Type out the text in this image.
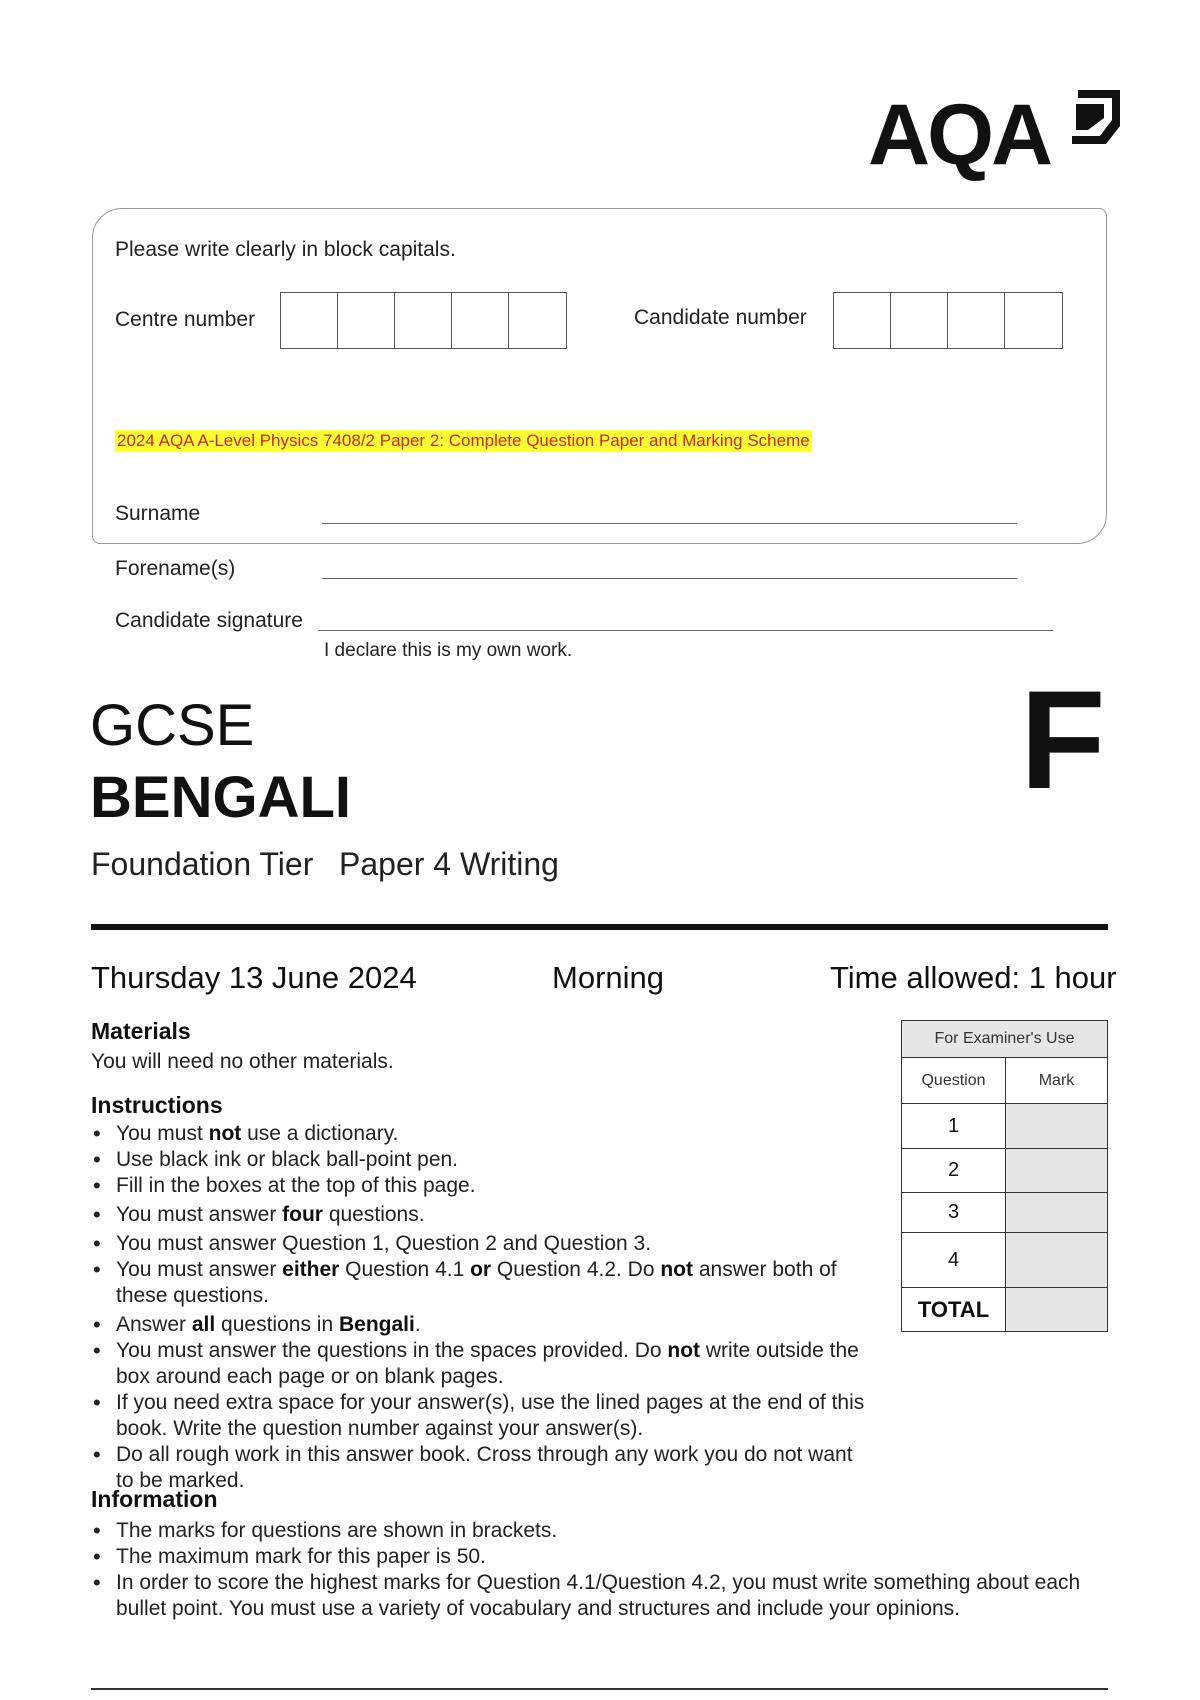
AQA
Please write clearly in block capitals.
Centre number	Candidate number
2024 AQA A-Level Physics 7408/2 Paper 2: Complete Question Paper and Marking Scheme
Surname
Forename(s)
Candidate signature
I declare this is my own work.
GCSE
BENGALI
Foundation Tier Paper 4 Writing
F
Thursday 13 June 2024	Morning	Time allowed: 1 hour
For Examiner's Use	
Question	Mark
1	
2	
3	
4	
TOTAL	
Materials
You will need no other materials.
Instructions
• You must not use a dictionary.
• Use black ink or black ball-point pen.
• Fill in the boxes at the top of this page.
• You must answer four questions.
• You must answer Question 1, Question 2 and Question 3.
• You must answer either Question 4.1 or Question 4.2. Do not answer both of these questions.
• Answer all questions in Bengali.
• You must answer the questions in the spaces provided. Do not write outside the box around each page or on blank pages.
• If you need extra space for your answer(s), use the lined pages at the end of this book. Write the question number against your answer(s).
• Do all rough work in this answer book. Cross through any work you do not want to be marked.
Information
• The marks for questions are shown in brackets.
• The maximum mark for this paper is 50.
• In order to score the highest marks for Question 4.1/Question 4.2, you must write something about each bullet point. You must use a variety of vocabulary and structures and include your opinions.
